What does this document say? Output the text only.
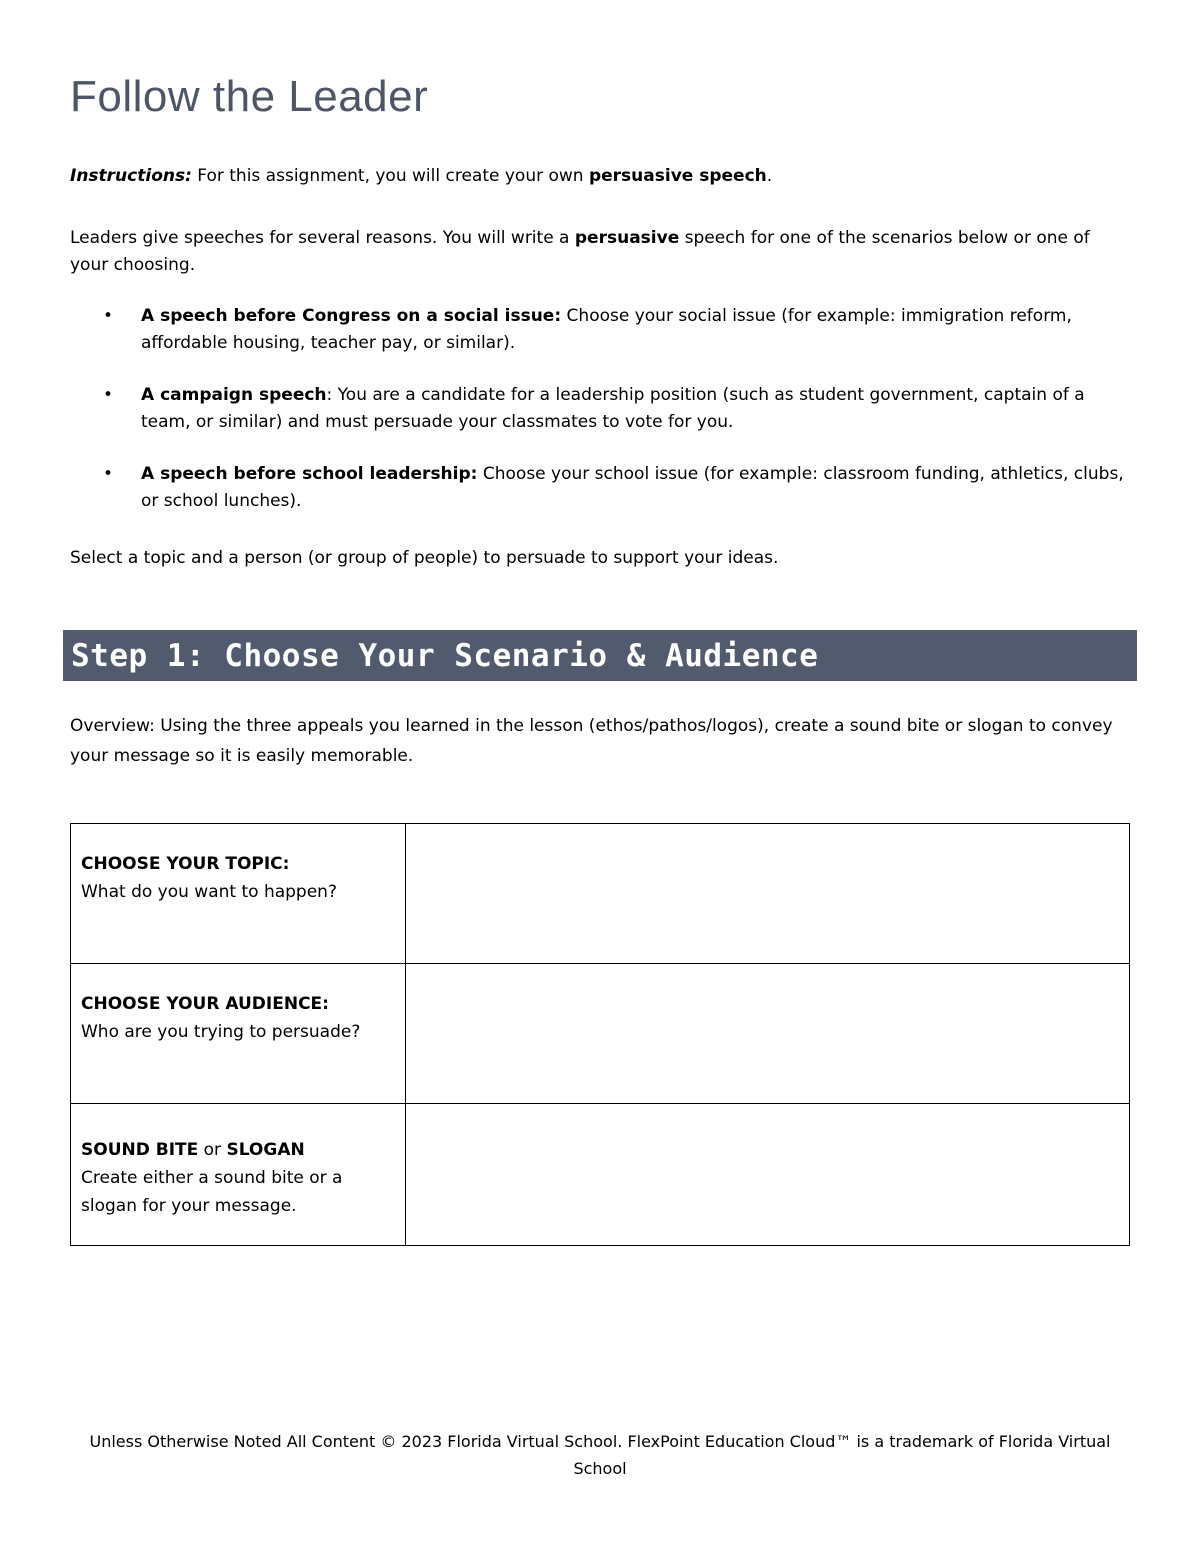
Follow the Leader
Instructions: For this assignment, you will create your own persuasive speech.
Leaders give speeches for several reasons. You will write a persuasive speech for one of the scenarios below or one of your choosing.
• A speech before Congress on a social issue: Choose your social issue (for example: immigration reform, affordable housing, teacher pay, or similar).
• A campaign speech: You are a candidate for a leadership position (such as student government, captain of a team, or similar) and must persuade your classmates to vote for you.
• A speech before school leadership: Choose your school issue (for example: classroom funding, athletics, clubs, or school lunches).
Select a topic and a person (or group of people) to persuade to support your ideas.
Step 1: Choose Your Scenario & Audience
Overview: Using the three appeals you learned in the lesson (ethos/pathos/logos), create a sound bite or slogan to convey your message so it is easily memorable.
CHOOSE YOUR TOPIC:
What do you want to happen?	

CHOOSE YOUR AUDIENCE:
Who are you trying to persuade?	

SOUND BITE or SLOGAN
Create either a sound bite or a slogan for your message.	

Unless Otherwise Noted All Content © 2023 Florida Virtual School. FlexPoint Education Cloud™ is a trademark of Florida Virtual School
